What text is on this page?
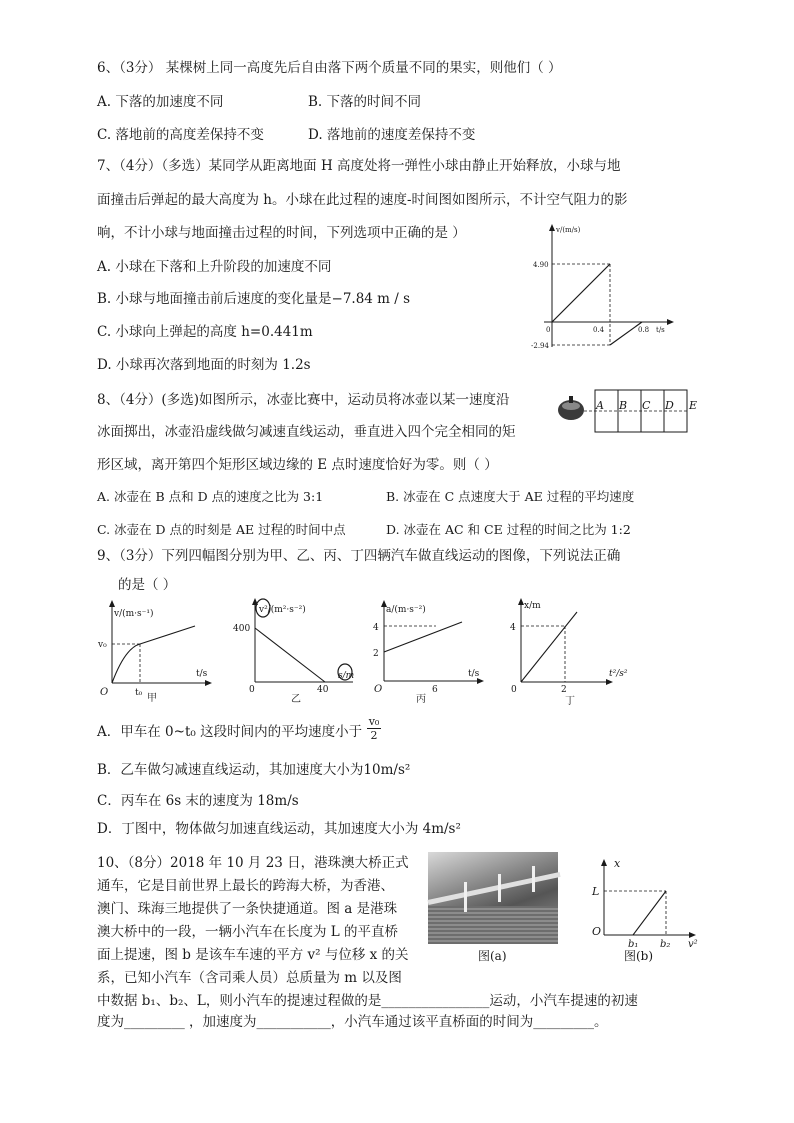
6、（3分） 某棵树上同一高度先后自由落下两个质量不同的果实，则他们（ ）
A. 下落的加速度不同	B. 下落的时间不同
C. 落地前的高度差保持不变	D. 落地前的速度差保持不变
7、（4分）（多选）某同学从距离地面 H 高度处将一弹性小球由静止开始释放，小球与地
面撞击后弹起的最大高度为 h。小球在此过程的速度-时间图如图所示，不计空气阻力的影
响，不计小球与地面撞击过程的时间，下列选项中正确的是 ）
A. 小球在下落和上升阶段的加速度不同
B. 小球与地面撞击前后速度的变化量是−7.84 m / s
C. 小球向上弹起的高度 h=0.441m
D. 小球再次落到地面的时刻为 1.2s
v/(m/s)
4.90
-2.94
0	0.4	0.8 t/s
8、（4分）(多选)如图所示，冰壶比赛中，运动员将冰壶以某一速度沿
冰面掷出，冰壶沿虚线做匀减速直线运动，垂直进入四个完全相同的矩
形区域，离开第四个矩形区域边缘的 E 点时速度恰好为零。则（ ）
A. 冰壶在 B 点和 D 点的速度之比为 3:1	B. 冰壶在 C 点速度大于 AE 过程的平均速度
C. 冰壶在 D 点的时刻是 AE 过程的时间中点	D. 冰壶在 AC 和 CE 过程的时间之比为 1:2
A B C D E
9、（3分）下列四幅图分别为甲、乙、丙、丁四辆汽车做直线运动的图像，下列说法正确
的是（ ）
v/(m·s⁻¹)
v₀
O	t₀
t/s
甲
v²/(m²·s⁻²)
400
0	40
s/m
乙
a/(m·s⁻²)
4
2
O	6
t/s
丙
x/m
4
0	2
t²/s²
丁
A．甲车在 0~t₀ 这段时间内的平均速度小于 $\frac{\text{v₀}}{2}$
B．乙车做匀减速直线运动，其加速度大小为10m/s²
C．丙车在 6s 末的速度为 18m/s
D．丁图中，物体做匀加速直线运动，其加速度大小为 4m/s²
10、（8分）2018 年 10 月 23 日，港珠澳大桥正式
通车，它是目前世界上最长的跨海大桥，为香港、
澳门、珠海三地提供了一条快捷通道。图 a 是港珠
澳大桥中的一段，一辆小汽车在长度为 L 的平直桥
面上提速，图 b 是该车车速的平方 v² 与位移 x 的关
系，已知小汽车（含司乘人员）总质量为 m 以及图
中数据 b₁、b₂、L，则小汽车的提速过程做的是________________运动，小汽车提速的初速
度为_________ ，加速度为___________，小汽车通过该平直桥面的时间为_________。
图(a)
x
L
O
b₁ b₂ v²
图(b)
